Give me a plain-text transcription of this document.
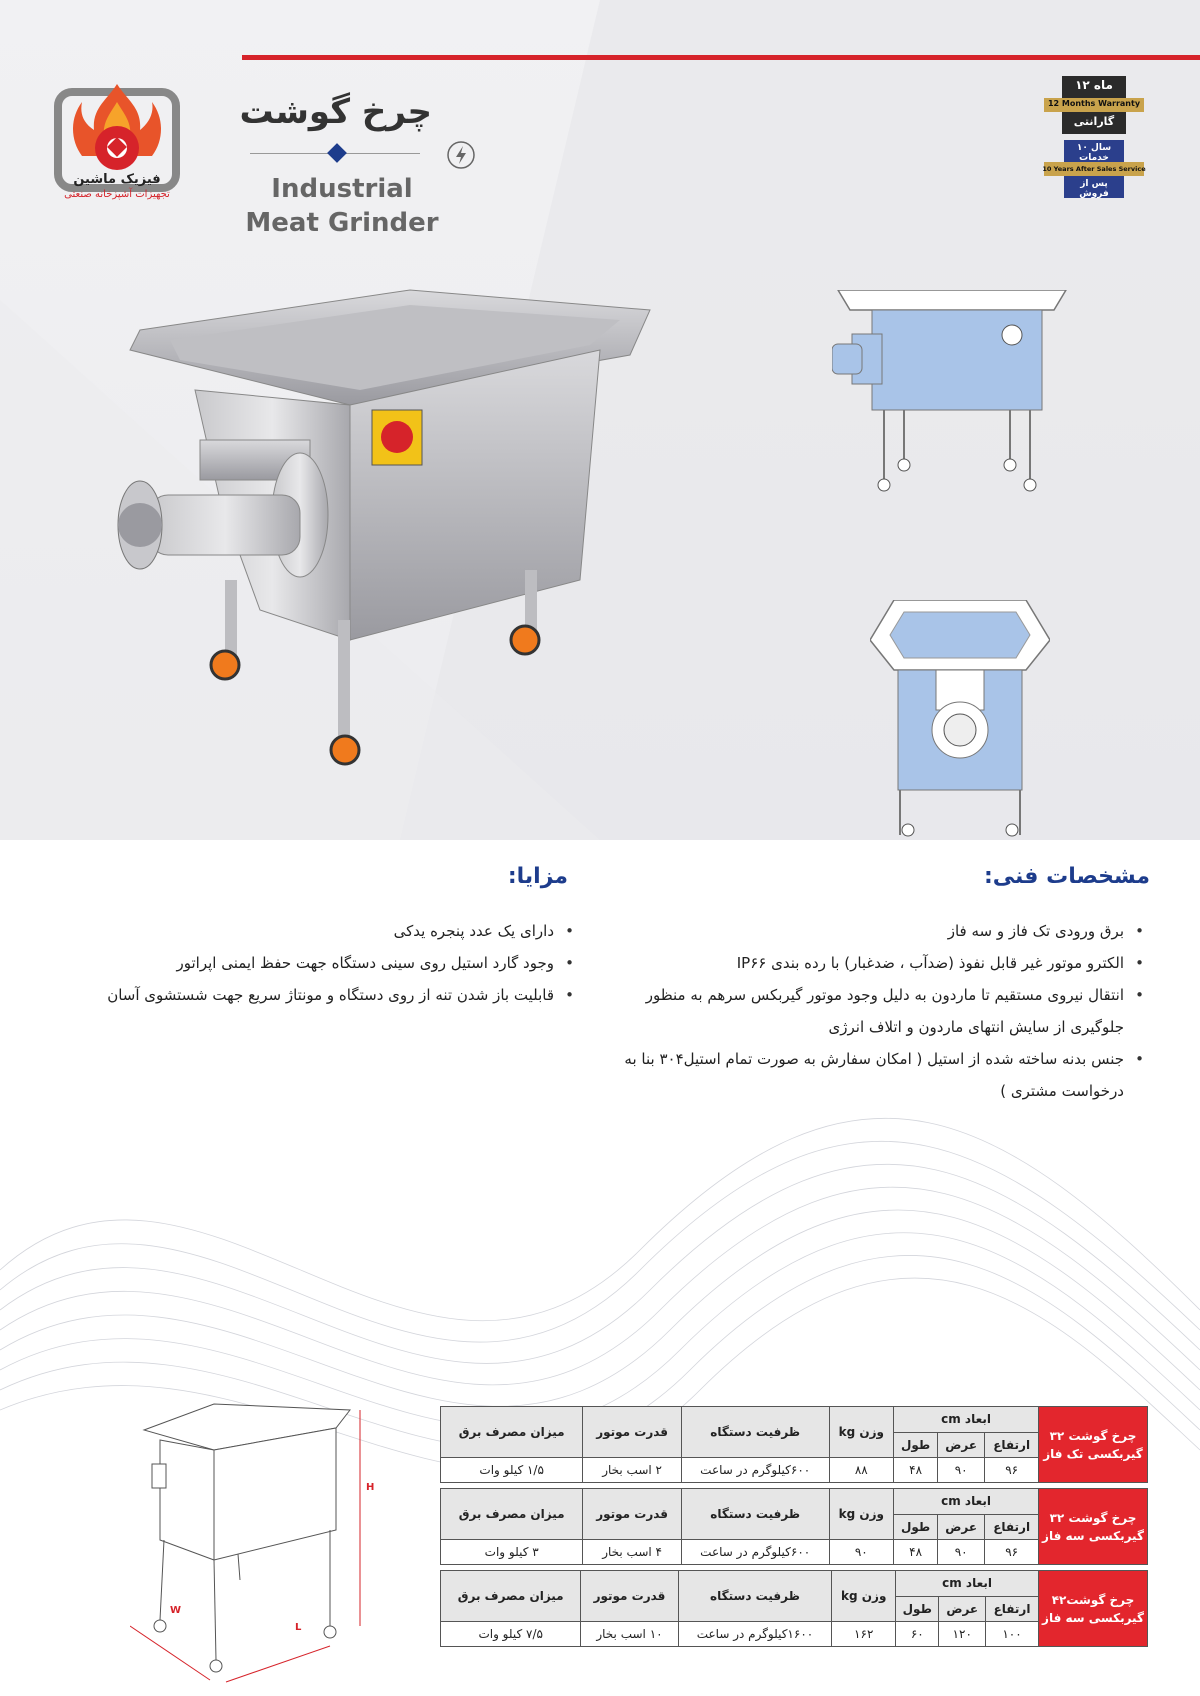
فیزیک ماشین
تجهیزات آشپزخانه صنعتی
چرخ گوشت
Industrial Meat Grinder
۱۲ ماه
12 Months Warranty
گارانتی
۱۰ سال خدمات
10 Years After Sales Service
پس از فروش
مشخصات فنی:
• برق ورودی تک فاز و سه فاز
• الکترو موتور غیر قابل نفوذ (ضدآب ، ضدغبار) با رده بندی IP۶۶
• انتقال نیروی مستقیم تا ماردون به دلیل وجود موتور گیربکس سرهم به منظور جلوگیری از سایش انتهای ماردون و اتلاف انرژی
• جنس بدنه ساخته شده از استیل ( امکان سفارش به صورت تمام استیل۳۰۴ بنا به درخواست مشتری )
مزایا:
• دارای یک عدد پنجره یدکی
• وجود گارد استیل روی سینی دستگاه جهت حفظ ایمنی اپراتور
• قابلیت باز شدن تنه از روی دستگاه و مونتاژ سریع جهت شستشوی آسان
H
W
L
چرخ گوشت ۳۲
گیربکسی تک فاز	ابعاد cm			وزن kg	ظرفیت دستگاه	قدرت موتور	میزان مصرف برق
	ارتفاع	عرض	طول				
	۹۶	۹۰	۴۸	۸۸	۶۰۰کیلوگرم در ساعت	۲ اسب بخار	۱/۵ کیلو وات
چرخ گوشت ۳۲
گیربکسی سه فاز	ابعاد cm			وزن kg	ظرفیت دستگاه	قدرت موتور	میزان مصرف برق
	ارتفاع	عرض	طول				
	۹۶	۹۰	۴۸	۹۰	۶۰۰کیلوگرم در ساعت	۴ اسب بخار	۳ کیلو وات
چرخ گوشت۴۲
گیربکسی سه فاز	ابعاد cm			وزن kg	ظرفیت دستگاه	قدرت موتور	میزان مصرف برق
	ارتفاع	عرض	طول				
	۱۰۰	۱۲۰	۶۰	۱۶۲	۱۶۰۰کیلوگرم در ساعت	۱۰ اسب بخار	۷/۵ کیلو وات
